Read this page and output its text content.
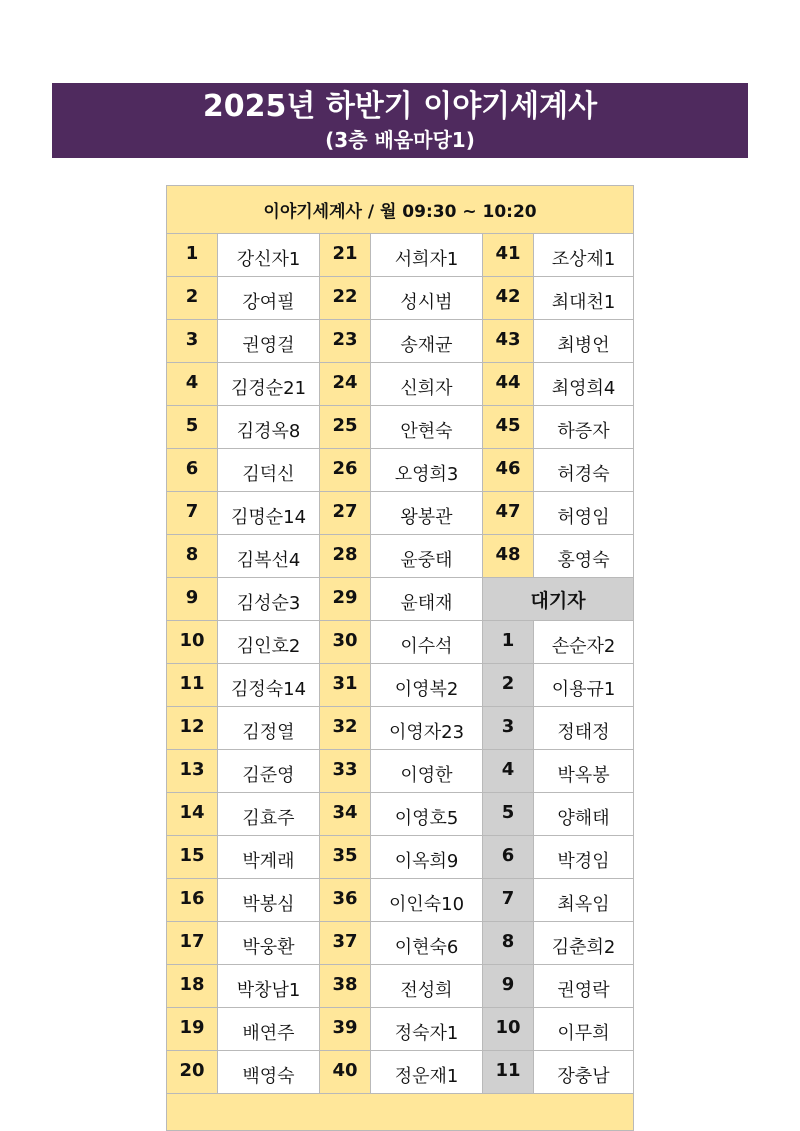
2025년 하반기 이야기세계사
(3층 배움마당1)
이야기세계사 / 월 09:30 ~ 10:20					
1	강신자1	21	서희자1	41	조상제1
2	강여필	22	성시범	42	최대천1
3	권영걸	23	송재균	43	최병언
4	김경순21	24	신희자	44	최영희4
5	김경옥8	25	안현숙	45	하증자
6	김덕신	26	오영희3	46	허경숙
7	김명순14	27	왕봉관	47	허영임
8	김복선4	28	윤중태	48	홍영숙
9	김성순3	29	윤태재	대기자	
10	김인호2	30	이수석	1	손순자2
11	김정숙14	31	이영복2	2	이용규1
12	김정열	32	이영자23	3	정태정
13	김준영	33	이영한	4	박옥봉
14	김효주	34	이영호5	5	양해태
15	박계래	35	이옥희9	6	박경임
16	박봉심	36	이인숙10	7	최옥임
17	박웅환	37	이현숙6	8	김춘희2
18	박창남1	38	전성희	9	권영락
19	배연주	39	정숙자1	10	이무희
20	백영숙	40	정운재1	11	장충남
